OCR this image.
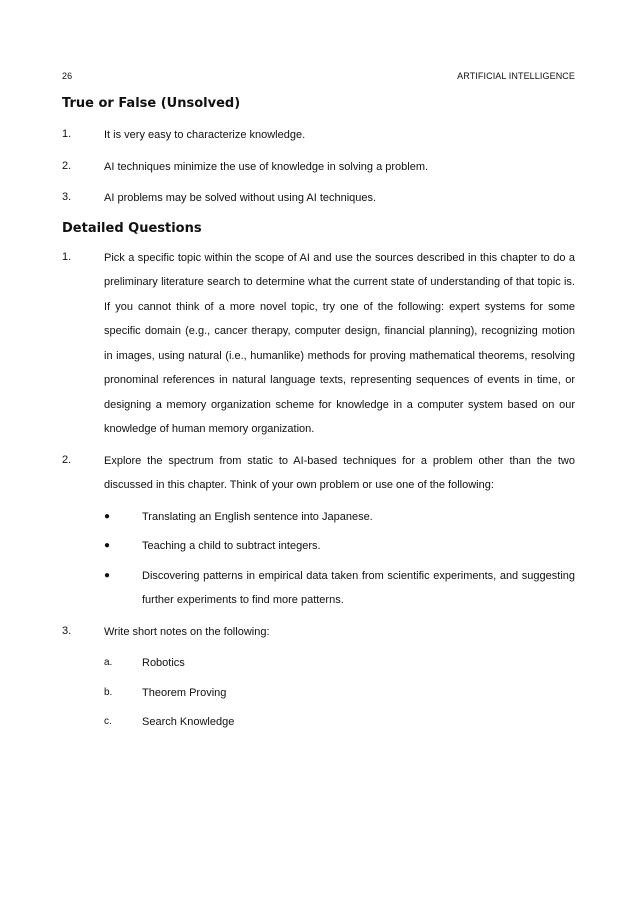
26	ARTIFICIAL INTELLIGENCE
True or False (Unsolved)
1.	It is very easy to characterize knowledge.
2.	AI techniques minimize the use of knowledge in solving a problem.
3.	AI problems may be solved without using AI techniques.
Detailed Questions
1.	Pick a specific topic within the scope of AI and use the sources described in this chapter to do a preliminary literature search to determine what the current state of understanding of that topic is. If you cannot think of a more novel topic, try one of the following: expert systems for some specific domain (e.g., cancer therapy, computer design, financial planning), recognizing motion in images, using natural (i.e., humanlike) methods for proving mathematical theorems, resolving pronominal references in natural language texts, representing sequences of events in time, or designing a memory organization scheme for knowledge in a computer system based on our knowledge of human memory organization.
2.	Explore the spectrum from static to AI-based techniques for a problem other than the two discussed in this chapter. Think of your own problem or use one of the following:
●	Translating an English sentence into Japanese.
●	Teaching a child to subtract integers.
●	Discovering patterns in empirical data taken from scientific experiments, and suggesting further experiments to find more patterns.
3.	Write short notes on the following:
a.	Robotics
b.	Theorem Proving
c.	Search Knowledge
